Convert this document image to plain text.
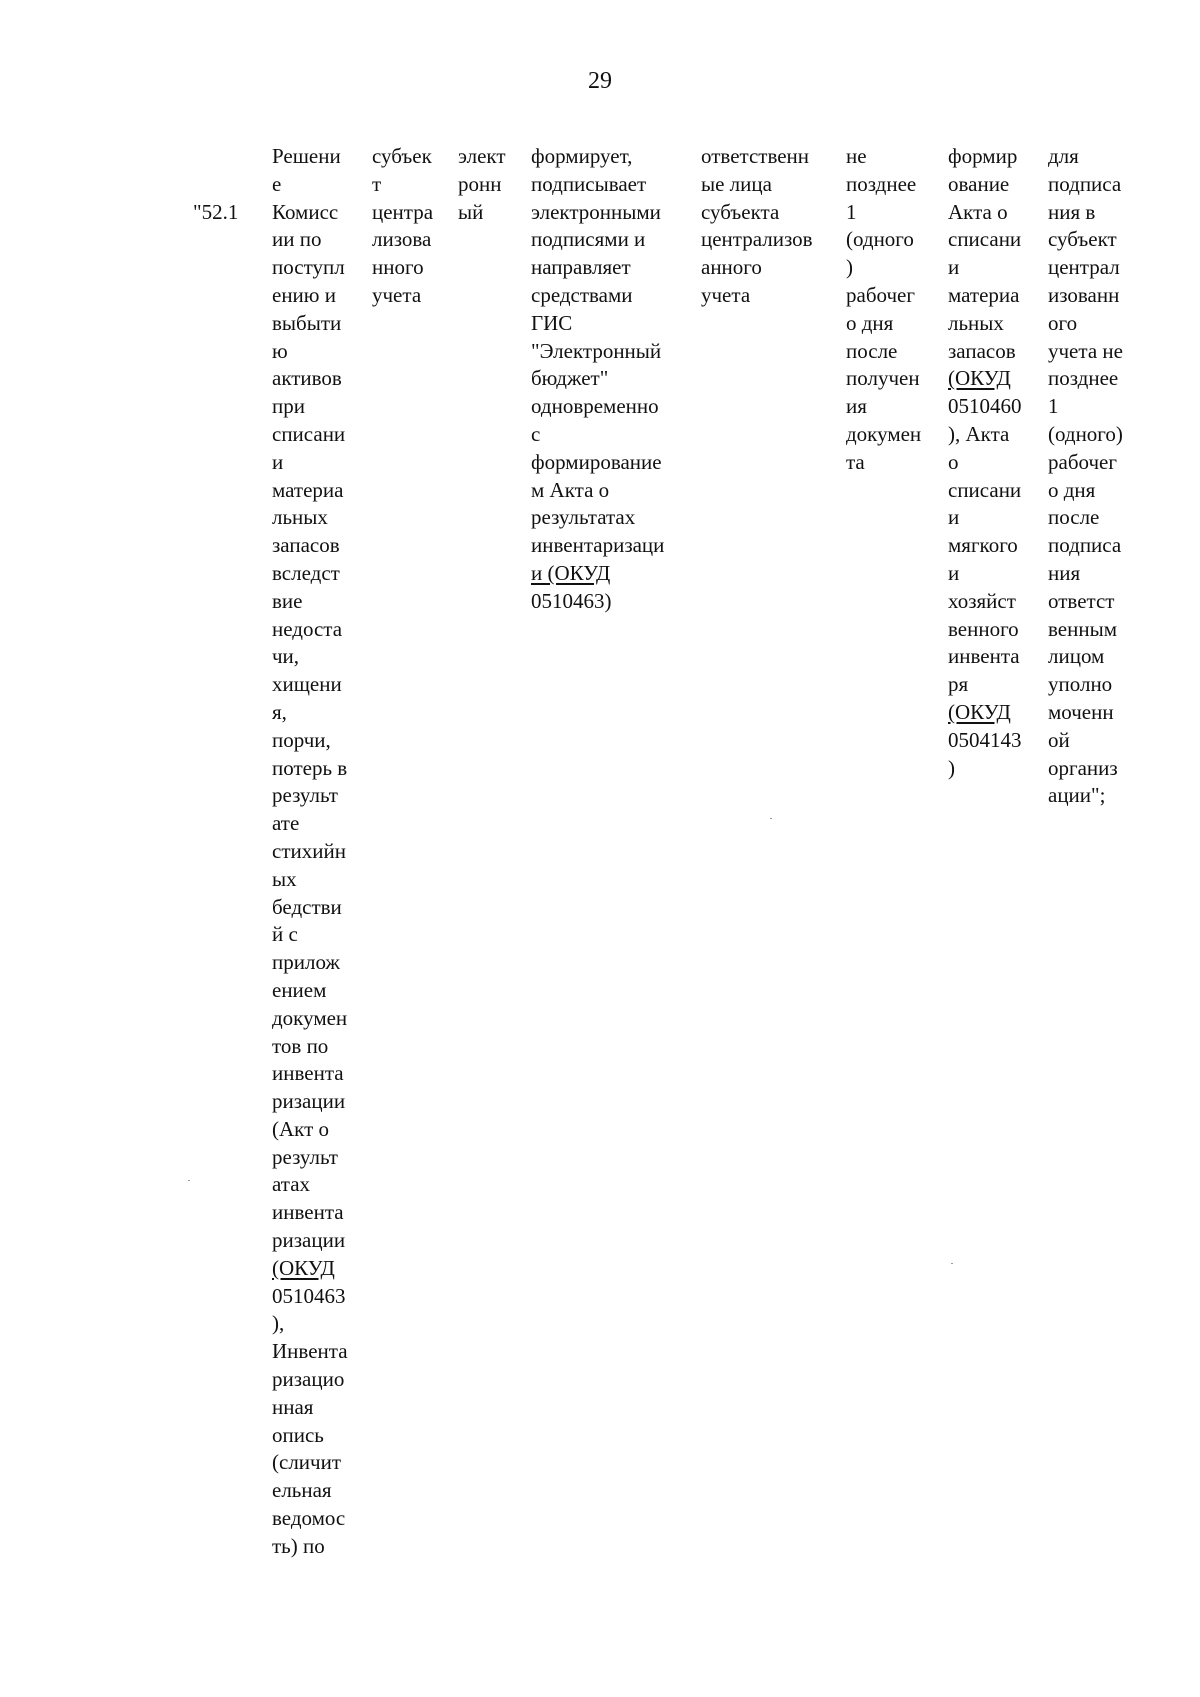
29

"52.1

Решени
е
Комисс
ии по
поступл
ению и
выбыти
ю
активов
при
списани
и
материа
льных
запасов
вследст
вие
недоста
чи,
хищени
я,
порчи,
потерь в
результ
ате
стихийн
ых
бедстви
й с
прилож
ением
докумен
тов по
инвента
ризации
(Акт о
результ
атах
инвента
ризации
(ОКУД
0510463
),
Инвента
ризацио
нная
опись
(сличит
ельная
ведомос
ть) по
субъек
т
центра
лизова
нного
учета
элект
ронн
ый
формирует,
подписывает
электронными
подписями и
направляет
средствами
ГИС
"Электронный
бюджет"
одновременно
с
формирование
м Акта о
результатах
инвентаризаци
и (ОКУД
0510463)
ответственн
ые лица
субъекта
централизов
анного
учета
не
позднее
1
(одного
)
рабочег
о дня
после
получен
ия
докумен
та
формир
ование
Акта о
списани
и
материа
льных
запасов
(ОКУД
0510460
), Акта
о
списани
и
мягкого
и
хозяйст
венного
инвента
ря
(ОКУД
0504143
)
для
подписа
ния в
субъект
централ
изованн
ого
учета не
позднее
1
(одного)
рабочег
о дня
после
подписа
ния
ответст
венным
лицом
уполно
моченн
ой
организ
ации";
